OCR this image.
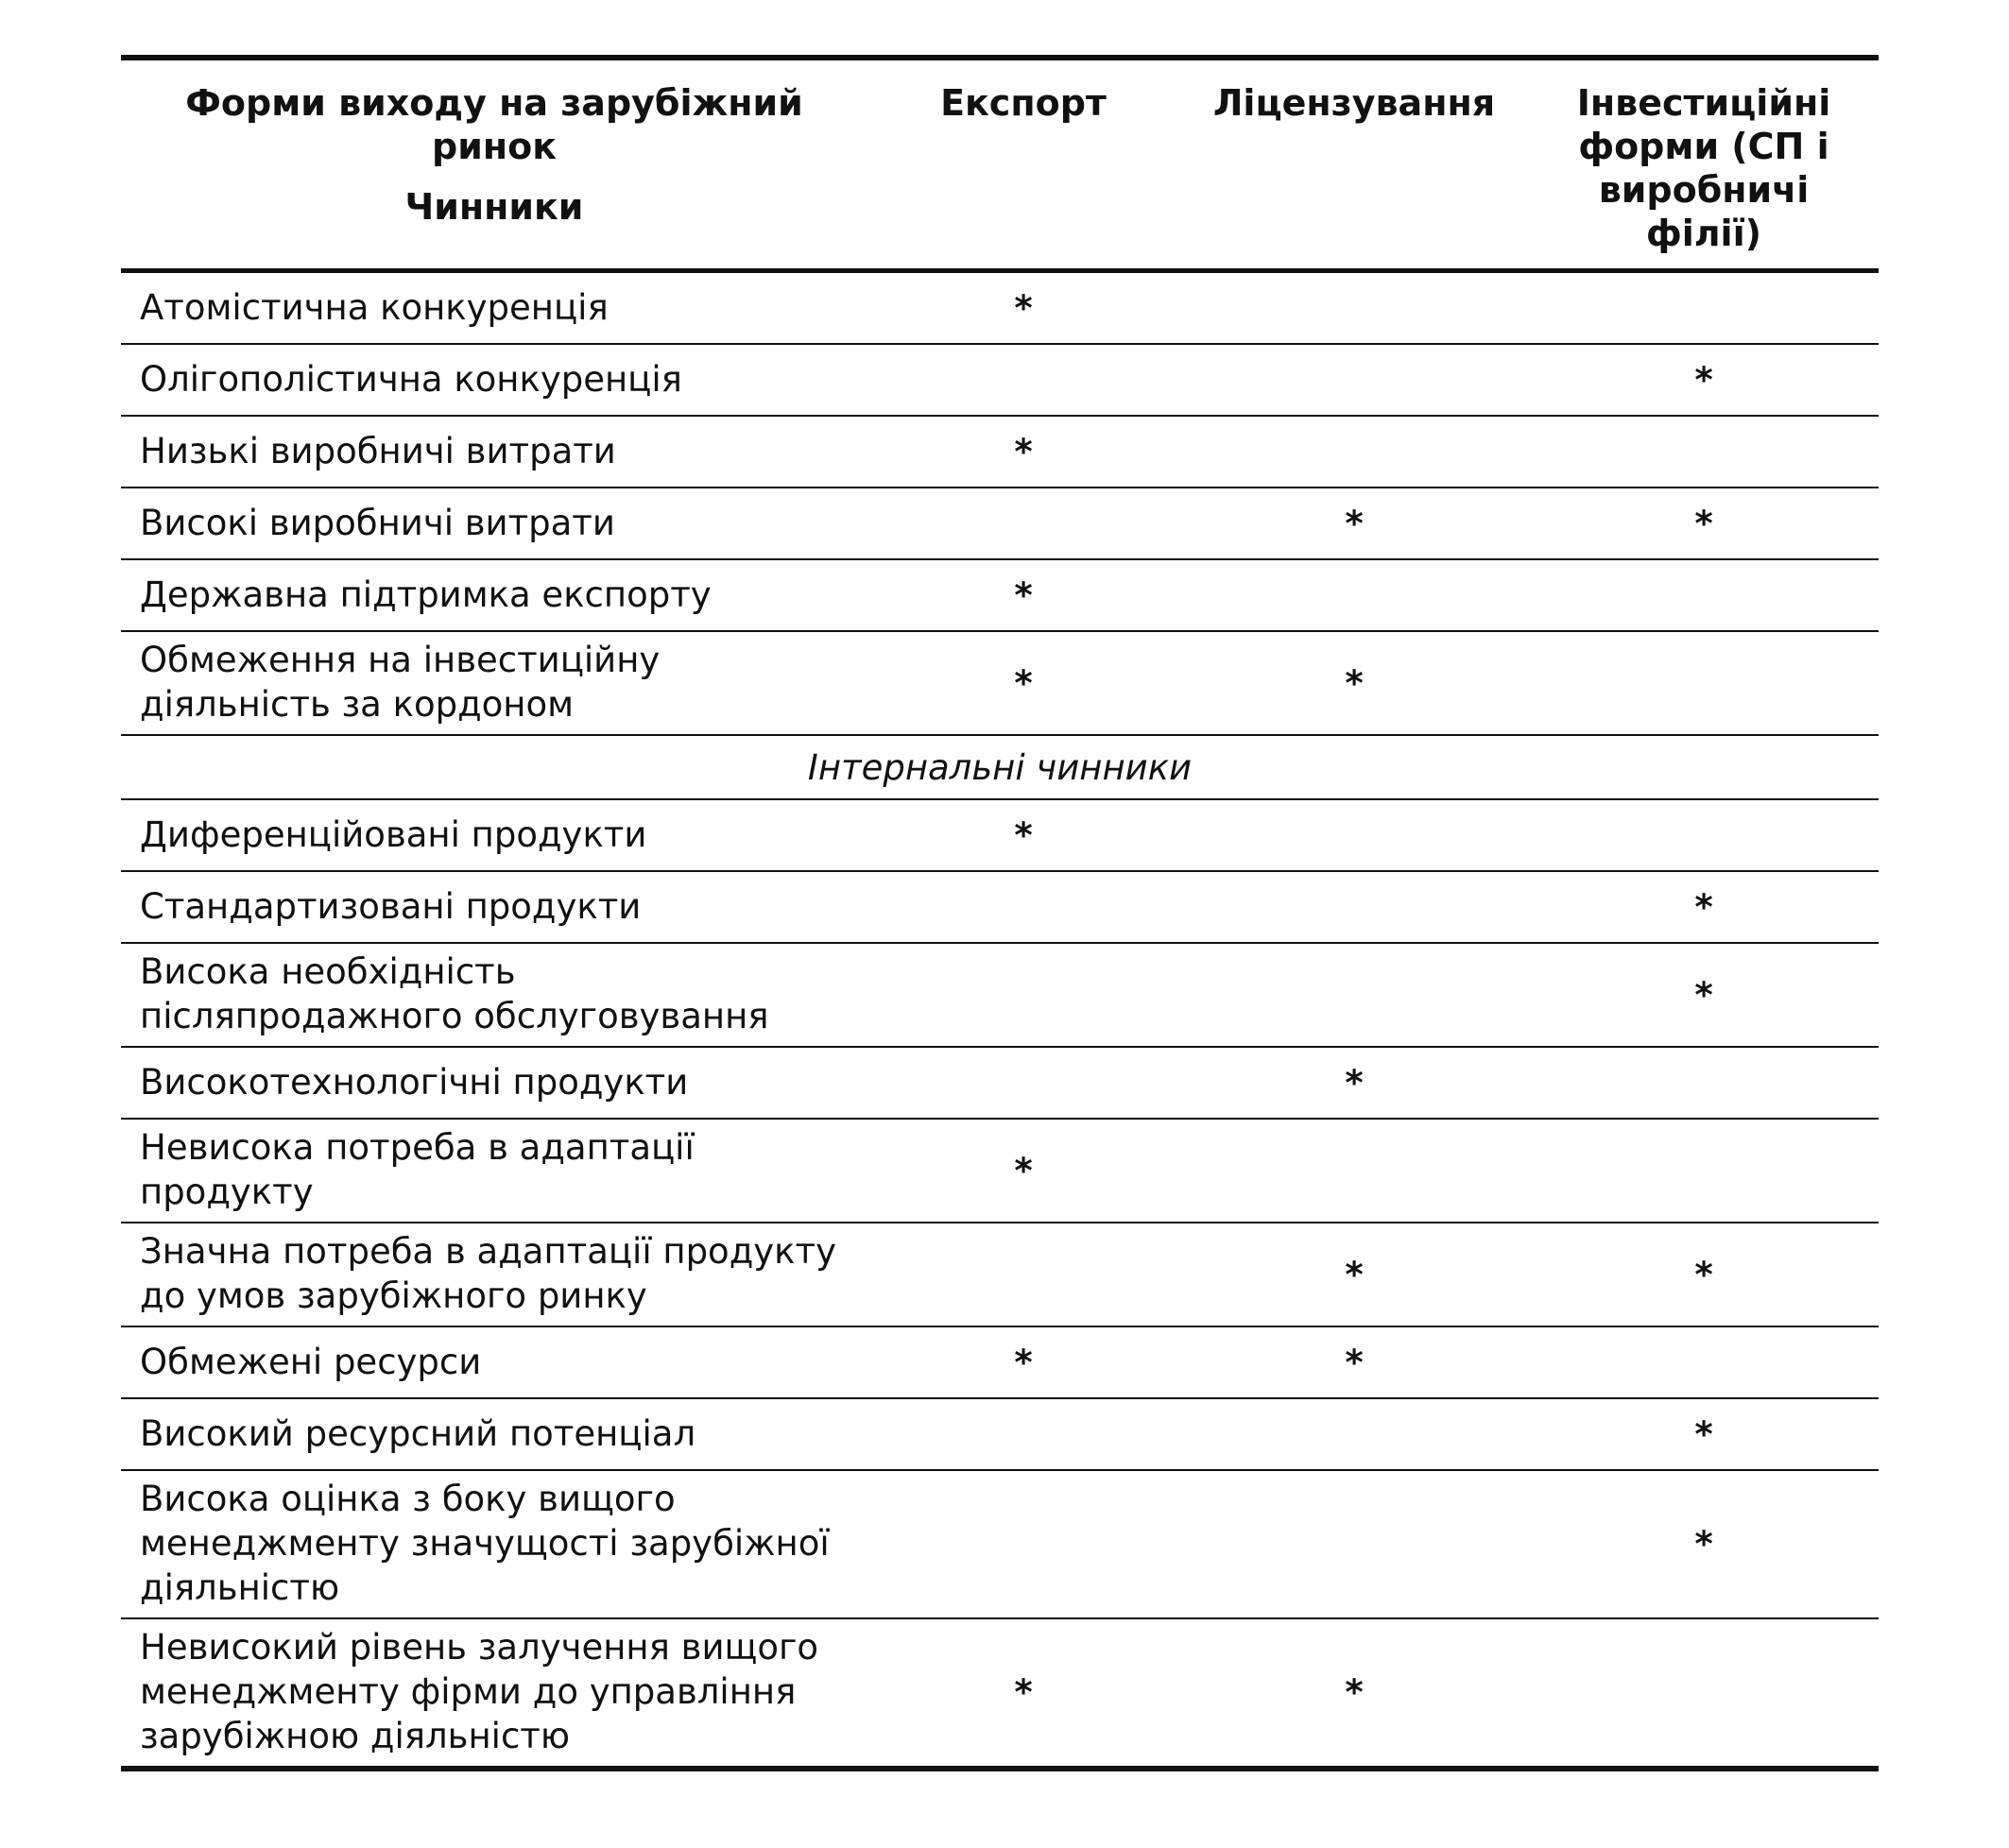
Форми виходу на зарубіжний ринок
Чинники	Експорт	Ліцензування	Інвестиційні форми (СП і виробничі філії)
Атомістична конкуренція	*		
Олігополістична конкуренція			*
Низькі виробничі витрати	*		
Високі виробничі витрати		*	*
Державна підтримка експорту	*		
Обмеження на інвестиційну діяльність за кордоном	*	*	
Інтернальні чинники			
Диференційовані продукти	*		
Стандартизовані продукти			*
Висока необхідність післяпродажного обслуговування			*
Високотехнологічні продукти		*	
Невисока потреба в адаптації продукту	*		
Значна потреба в адаптації продукту до умов зарубіжного ринку		*	*
Обмежені ресурси	*	*	
Високий ресурсний потенціал			*
Висока оцінка з боку вищого менеджменту значущості зарубіжної діяльністю			*
Невисокий рівень залучення вищого менеджменту фірми до управління зарубіжною діяльністю	*	*	
